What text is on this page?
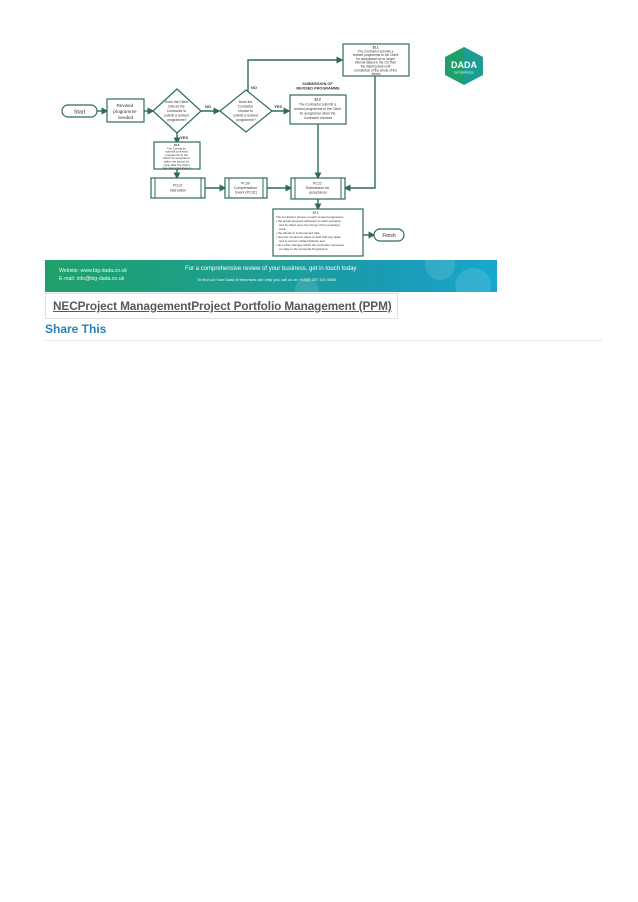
Start
Revised programme needed
Does the Client instruct the Contractor to submit a revised programme?
NO
YES
Does the Contractor choose to submit a revised programme?
NO
YES
32.1 The Contractor submits a revised programme to the Client for acceptance at no longer interval stated in the CD from the starting date until Completion of the whole of the Works
SUBMISSION OF REVISED PROGRAMME
32.2 The Contractor submits a revised programme to the Client for acceptance when the Contractor chooses
32.2 The Contractor submits a revised programme to the Client for acceptance within the period for reply after the Client has instructed them to
PC13 Instruction
PC30 Compensation Event (PC31)
PC12 Submission for acceptance
32.1 The Contractor shows on each revised programme • the actual progress achieved on each operation and its effect upon the timing of the remaining work, • the effects of implemented CEs, • how the Contractor plans to deal with any delay and to correct notified Defects and • any other changes which the Contractor proposes to make to the Accepted Programme
Finish
DADA
ENTERPRISES
Website: www.big-dada.co.uk
E-mail: info@big-dada.co.uk
For a comprehensive review of your business, get in touch today
To find out how Dada Enterprises can help you call us on +44(0) 207 101 0665
NEC Project Management Project Portfolio Management (PPM)
Share This
